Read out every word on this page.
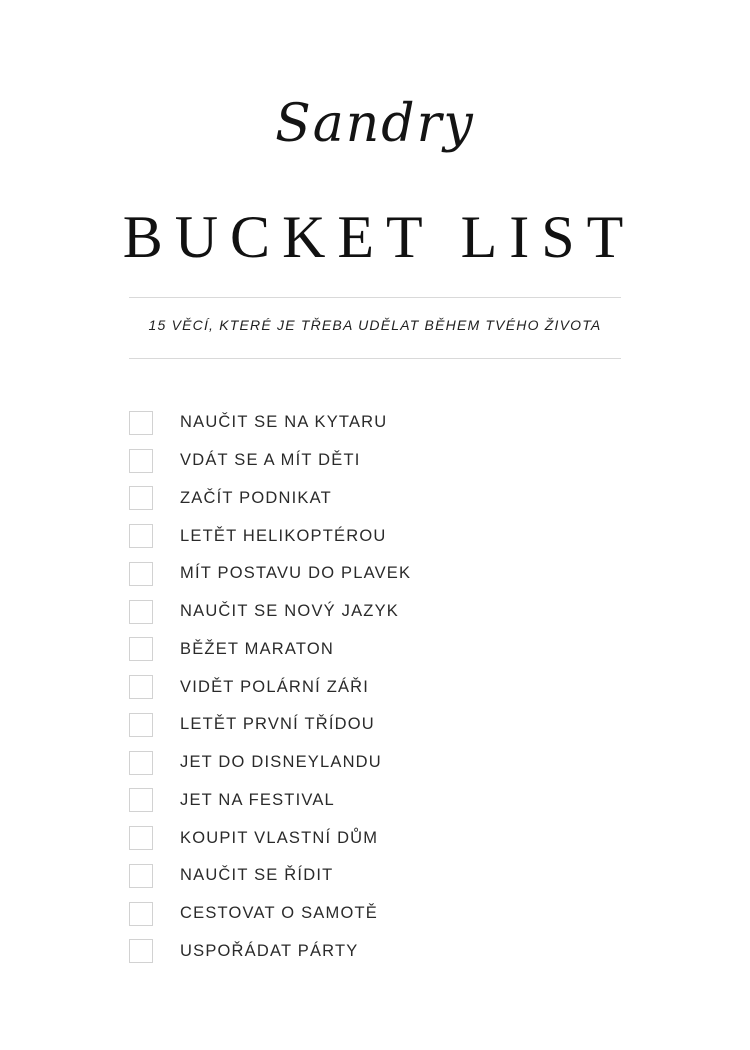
Sandry
BUCKET LIST
15 VĚCÍ, KTERÉ JE TŘEBA UDĚLAT BĚHEM TVÉHO ŽIVOTA
NAUČIT SE NA KYTARU
VDÁT SE A MÍT DĚTI
ZAČÍT PODNIKAT
LETĚT HELIKOPTÉROU
MÍT POSTAVU DO PLAVEK
NAUČIT SE NOVÝ JAZYK
BĚŽET MARATON
VIDĚT POLÁRNÍ ZÁŘI
LETĚT PRVNÍ TŘÍDOU
JET DO DISNEYLANDU
JET NA FESTIVAL
KOUPIT VLASTNÍ DŮM
NAUČIT SE ŘÍDIT
CESTOVAT O SAMOTĚ
USPOŘÁDAT PÁRTY
